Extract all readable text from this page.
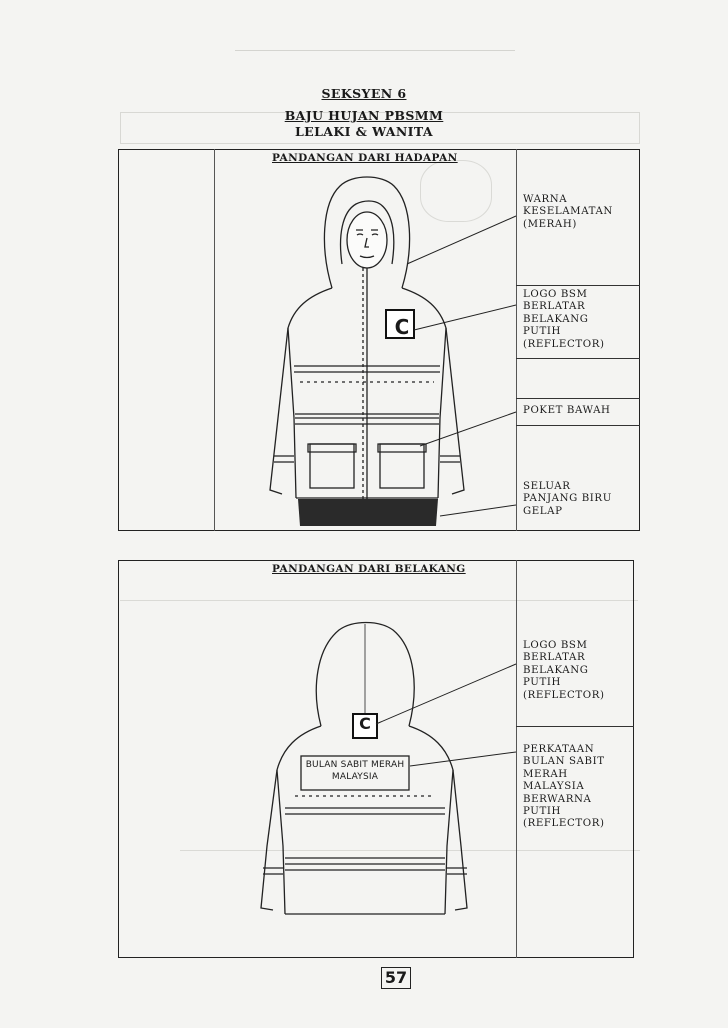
SEKSYEN 6
BAJU HUJAN PBSMM
LELAKI & WANITA
PANDANGAN DARI HADAPAN
C
WARNA
KESELAMATAN
(MERAH)
LOGO BSM
BERLATAR
BELAKANG
PUTIH
(REFLECTOR)
POKET BAWAH
SELUAR
PANJANG BIRU
GELAP
PANDANGAN DARI BELAKANG
C
BULAN SABIT MERAH
MALAYSIA
LOGO BSM
BERLATAR
BELAKANG
PUTIH
(REFLECTOR)
PERKATAAN
BULAN SABIT
MERAH
MALAYSIA
BERWARNA
PUTIH
(REFLECTOR)
57
